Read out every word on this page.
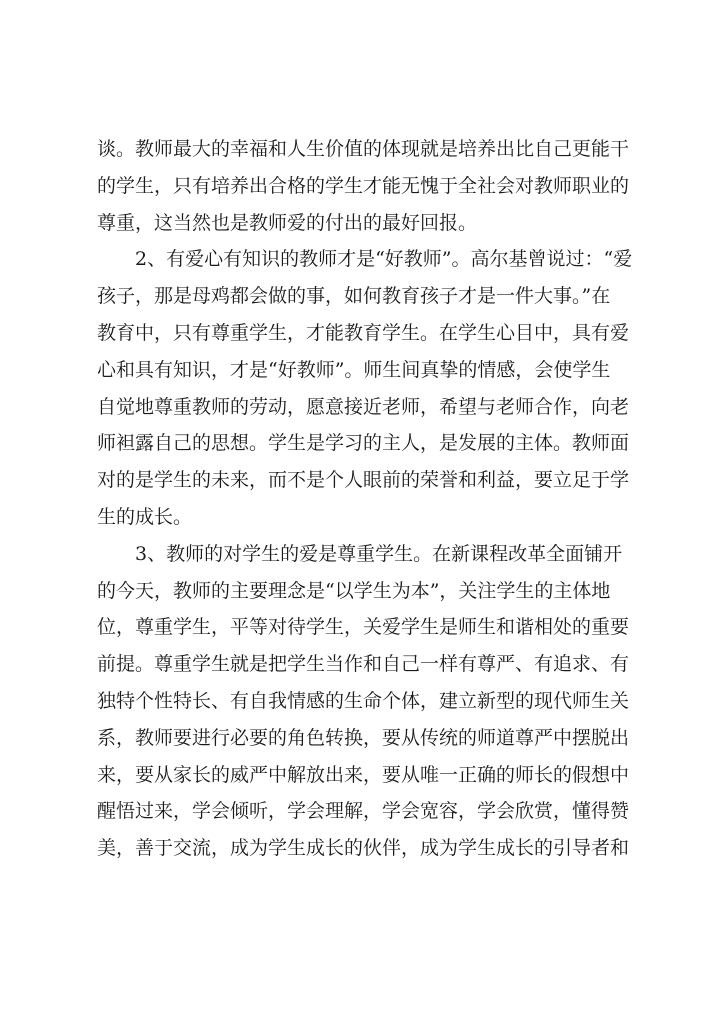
谈。教师最大的幸福和人生价值的体现就是培养出比自己更能干
的学生，只有培养出合格的学生才能无愧于全社会对教师职业的
尊重，这当然也是教师爱的付出的最好回报。
2、有爱心有知识的教师才是“好教师”。高尔基曾说过：“爱
孩子，那是母鸡都会做的事，如何教育孩子才是一件大事。”在
教育中，只有尊重学生，才能教育学生。在学生心目中，具有爱
心和具有知识，才是“好教师”。师生间真挚的情感，会使学生
自觉地尊重教师的劳动，愿意接近老师，希望与老师合作，向老
师袒露自己的思想。学生是学习的主人，是发展的主体。教师面
对的是学生的未来，而不是个人眼前的荣誉和利益，要立足于学
生的成长。
3、教师的对学生的爱是尊重学生。在新课程改革全面铺开
的今天，教师的主要理念是“以学生为本”，关注学生的主体地
位，尊重学生，平等对待学生，关爱学生是师生和谐相处的重要
前提。尊重学生就是把学生当作和自己一样有尊严、有追求、有
独特个性特长、有自我情感的生命个体，建立新型的现代师生关
系，教师要进行必要的角色转换，要从传统的师道尊严中摆脱出
来，要从家长的威严中解放出来，要从唯一正确的师长的假想中
醒悟过来，学会倾听，学会理解，学会宽容，学会欣赏，懂得赞
美，善于交流，成为学生成长的伙伴，成为学生成长的引导者和
